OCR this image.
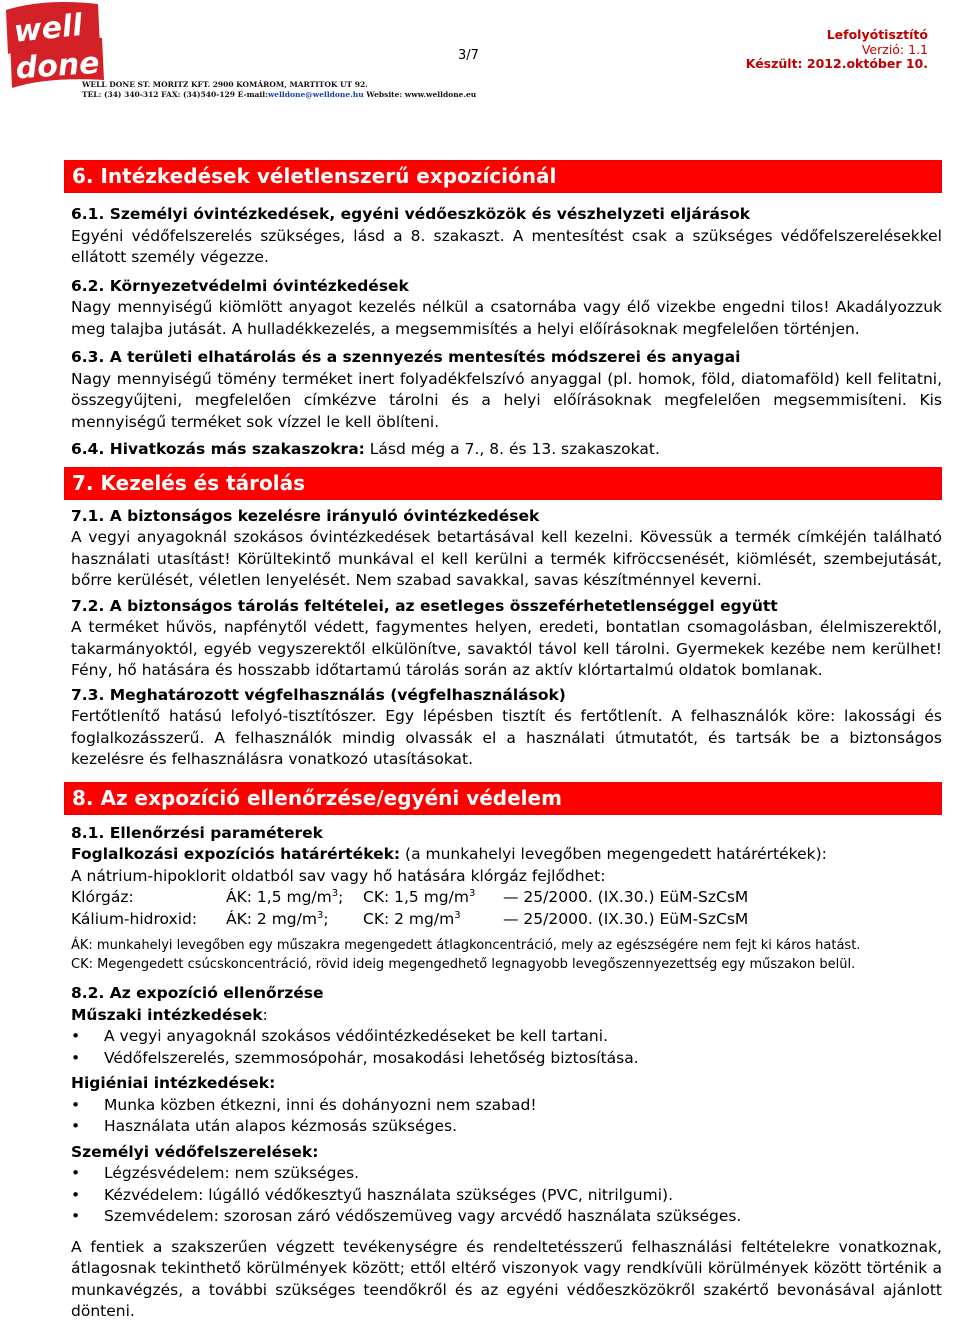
well
done
WELL DONE ST. MORITZ KFT. 2900 KOMÁROM, MARTITOK UT 92.
TEL: (34) 340-312 FAX: (34)540-129 E-mail:welldone@welldone.hu Website: www.welldone.eu
3/7
Lefolyótisztító
Verzió: 1.1
Készült: 2012.október 10.
6. Intézkedések véletlenszerű expozíciónál

6.1. Személyi óvintézkedések, egyéni védőeszközök és vészhelyzeti eljárások

Egyéni védőfelszerelés szükséges, lásd a 8. szakaszt. A mentesítést csak a szükséges védőfelszerelésekkel ellátott személy végezze.

6.2. Környezetvédelmi óvintézkedések

Nagy mennyiségű kiömlött anyagot kezelés nélkül a csatornába vagy élő vizekbe engedni tilos! Akadályozzuk meg talajba jutását. A hulladékkezelés, a megsemmisítés a helyi előírásoknak megfelelően történjen.

6.3. A területi elhatárolás és a szennyezés mentesítés módszerei és anyagai

Nagy mennyiségű tömény terméket inert folyadékfelszívó anyaggal (pl. homok, föld, diatomaföld) kell felitatni, összegyűjteni, megfelelően címkézve tárolni és a helyi előírásoknak megfelelően megsemmisíteni. Kis mennyiségű terméket sok vízzel le kell öblíteni.

6.4. Hivatkozás más szakaszokra: Lásd még a 7., 8. és 13. szakaszokat.

7. Kezelés és tárolás

7.1. A biztonságos kezelésre irányuló óvintézkedések

A vegyi anyagoknál szokásos óvintézkedések betartásával kell kezelni. Kövessük a termék címkéjén található használati utasítást! Körültekintő munkával el kell kerülni a termék kifröccsenését, kiömlését, szembejutását, bőrre kerülését, véletlen lenyelését. Nem szabad savakkal, savas készítménnyel keverni.

7.2. A biztonságos tárolás feltételei, az esetleges összeférhetetlenséggel együtt

A terméket hűvös, napfénytől védett, fagymentes helyen, eredeti, bontatlan csomagolásban, élelmiszerektől, takarmányoktól, egyéb vegyszerektől elkülönítve, savaktól távol kell tárolni. Gyermekek kezébe nem kerülhet! Fény, hő hatására és hosszabb időtartamú tárolás során az aktív klórtartalmú oldatok bomlanak.

7.3. Meghatározott végfelhasználás (végfelhasználások)

Fertőtlenítő hatású lefolyó-tisztítószer. Egy lépésben tisztít és fertőtlenít. A felhasználók köre: lakossági és foglalkozásszerű. A felhasználók mindig olvassák el a használati útmutatót, és tartsák be a biztonságos kezelésre és felhasználásra vonatkozó utasításokat.

8. Az expozíció ellenőrzése/egyéni védelem

8.1. Ellenőrzési paraméterek

Foglalkozási expozíciós határértékek: (a munkahelyi levegőben megengedett határértékek):

A nátrium-hipoklorit oldatból sav vagy hő hatására klórgáz fejlődhet:

Klórgáz:	ÁK: 1,5 $mg/m^3$;	CK: 1,5 $mg/m^3$	— 25/2000. (IX.30.) EüM-SzCsM
Kálium-hidroxid:	ÁK: 2 $mg/m^3$;	CK: 2 $mg/m^3$	— 25/2000. (IX.30.) EüM-SzCsM

ÁK: munkahelyi levegőben egy műszakra megengedett átlagkoncentráció, mely az egészségére nem fejt ki káros hatást.

CK: Megengedett csúcskoncentráció, rövid ideig megengedhető legnagyobb levegőszennyezettség egy műszakon belül.

8.2. Az expozíció ellenőrzése

Műszaki intézkedések:

• A vegyi anyagoknál szokásos védőintézkedéseket be kell tartani.
• Védőfelszerelés, szemmosópohár, mosakodási lehetőség biztosítása.

Higiéniai intézkedések:

• Munka közben étkezni, inni és dohányozni nem szabad!
• Használata után alapos kézmosás szükséges.

Személyi védőfelszerelések:

• Légzésvédelem: nem szükséges.
• Kézvédelem: lúgálló védőkesztyű használata szükséges (PVC, nitrilgumi).
• Szemvédelem: szorosan záró védőszemüveg vagy arcvédő használata szükséges.

A fentiek a szakszerűen végzett tevékenységre és rendeltetésszerű felhasználási feltételekre vonatkoznak, átlagosnak tekinthető körülmények között; ettől eltérő viszonyok vagy rendkívüli körülmények között történik a munkavégzés, a további szükséges teendőkről és az egyéni védőeszközökről szakértő bevonásával ajánlott dönteni.
